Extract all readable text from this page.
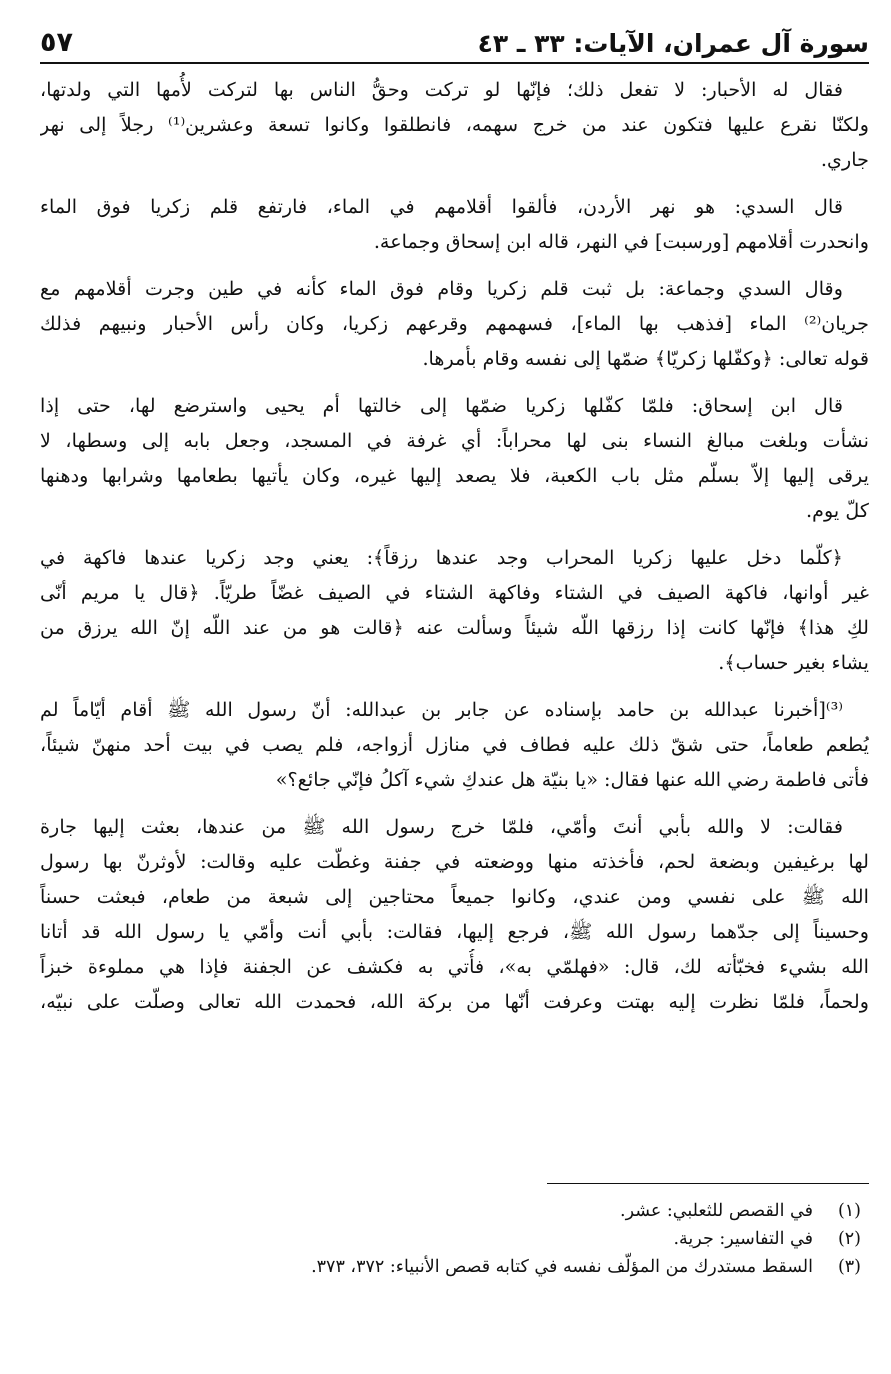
سورة آل عمران، الآيات: ٣٣ ـ ٤٣
٥٧

فقال له الأحبار: لا تفعل ذلك؛ فإنّها لو تركت وحقُّ الناس بها لتركت لأُمها التي ولدتها،
ولكنّا نقرع عليها فتكون عند من خرج سهمه، فانطلقوا وكانوا تسعة وعشرين⁽¹⁾ رجلاً إلى نهر
جاري.

قال السدي: هو نهر الأردن، فألقوا أقلامهم في الماء، فارتفع قلم زكريا فوق الماء
وانحدرت أقلامهم [ورسبت] في النهر، قاله ابن إسحاق وجماعة.

وقال السدي وجماعة: بل ثبت قلم زكريا وقام فوق الماء كأنه في طين وجرت أقلامهم مع
جريان⁽²⁾ الماء [فذهب بها الماء]، فسهمهم وقرعهم زكريا، وكان رأس الأحبار ونبيهم فذلك
قوله تعالى: ﴿وكفّلها زكريّا﴾ ضمّها إلى نفسه وقام بأمرها.

قال ابن إسحاق: فلمّا كفّلها زكريا ضمّها إلى خالتها أم يحيى واسترضع لها، حتى إذا
نشأت وبلغت مبالغ النساء بنى لها محراباً: أي غرفة في المسجد، وجعل بابه إلى وسطها، لا
يرقى إليها إلاّ بسلّم مثل باب الكعبة، فلا يصعد إليها غيره، وكان يأتيها بطعامها وشرابها ودهنها
كلّ يوم.

﴿كلّما دخل عليها زكريا المحراب وجد عندها رزقاً﴾: يعني وجد زكريا عندها فاكهة في
غير أوانها، فاكهة الصيف في الشتاء وفاكهة الشتاء في الصيف غضّاً طريّاً. ﴿قال يا مريم أنّى
لكِ هذا﴾ فإنّها كانت إذا رزقها اللّه شيئاً وسألت عنه ﴿قالت هو من عند اللّه إنّ الله يرزق من
يشاء بغير حساب﴾.

⁽³⁾[أخبرنا عبدالله بن حامد بإسناده عن جابر بن عبدالله: أنّ رسول الله ﷺ أقام أيّاماً لم
يُطعم طعاماً، حتى شقّ ذلك عليه فطاف في منازل أزواجه، فلم يصب في بيت أحد منهنّ شيئاً،
فأتى فاطمة رضي الله عنها فقال: «يا بنيّة هل عندكِ شيء آكلُ فإنّي جائع؟»

فقالت: لا والله بأبي أنتَ وأمّي، فلمّا خرج رسول الله ﷺ من عندها، بعثت إليها جارة
لها برغيفين وبضعة لحم، فأخذته منها ووضعته في جفنة وغطّت عليه وقالت: لأوثرنّ بها رسول
الله ﷺ على نفسي ومن عندي، وكانوا جميعاً محتاجين إلى شبعة من طعام، فبعثت حسناً
وحسيناً إلى جدّهما رسول الله ﷺ، فرجع إليها، فقالت: بأبي أنت وأمّي يا رسول الله قد أتانا
الله بشيء فخبّأته لك، قال: «فهلمّي به»، فأُتي به فكشف عن الجفنة فإذا هي مملوءة خبزاً
ولحماً، فلمّا نظرت إليه بهتت وعرفت أنّها من بركة الله، فحمدت الله تعالى وصلّت على نبيّه،

(١)
في القصص للثعلبي: عشر.
(٢)
في التفاسير: جرية.
(٣)
السقط مستدرك من المؤلّف نفسه في كتابه قصص الأنبياء: ٣٧٢، ٣٧٣.
